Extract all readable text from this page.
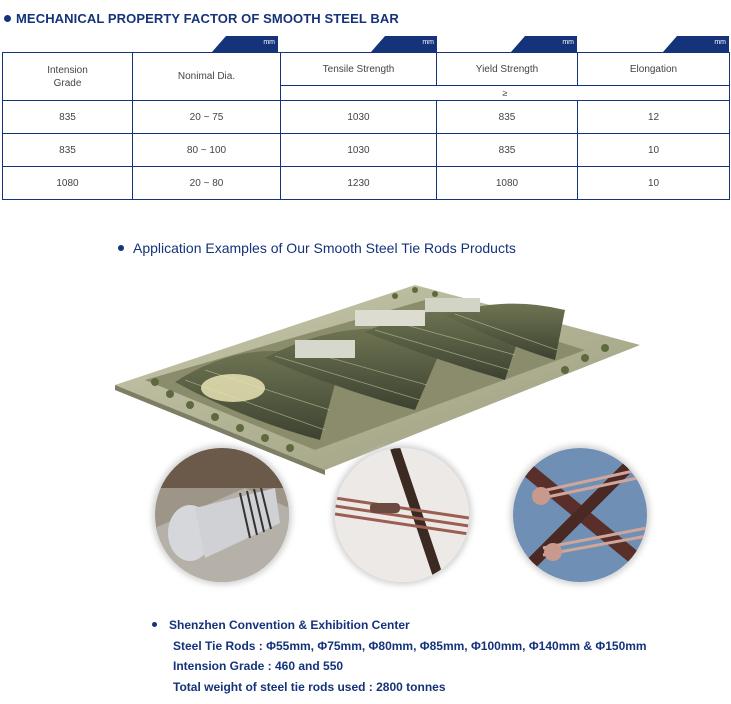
MECHANICAL PROPERTY FACTOR OF SMOOTH STEEL BAR
mm	mm	mm	mm
Intension
Grade	Nonimal Dia.	Tensile Strength	Yield Strength	Elongation
		≥		
835	20 ~ 75	1030	835	12
835	80 ~ 100	1030	835	10
1080	20 ~ 80	1230	1080	10
Application Examples of Our Smooth Steel Tie Rods Products
Shenzhen Convention & Exhibition Center
Steel Tie Rods : Φ55mm, Φ75mm, Φ80mm, Φ85mm, Φ100mm, Φ140mm & Φ150mm
Intension Grade : 460 and 550
Total weight of steel tie rods used : 2800 tonnes
